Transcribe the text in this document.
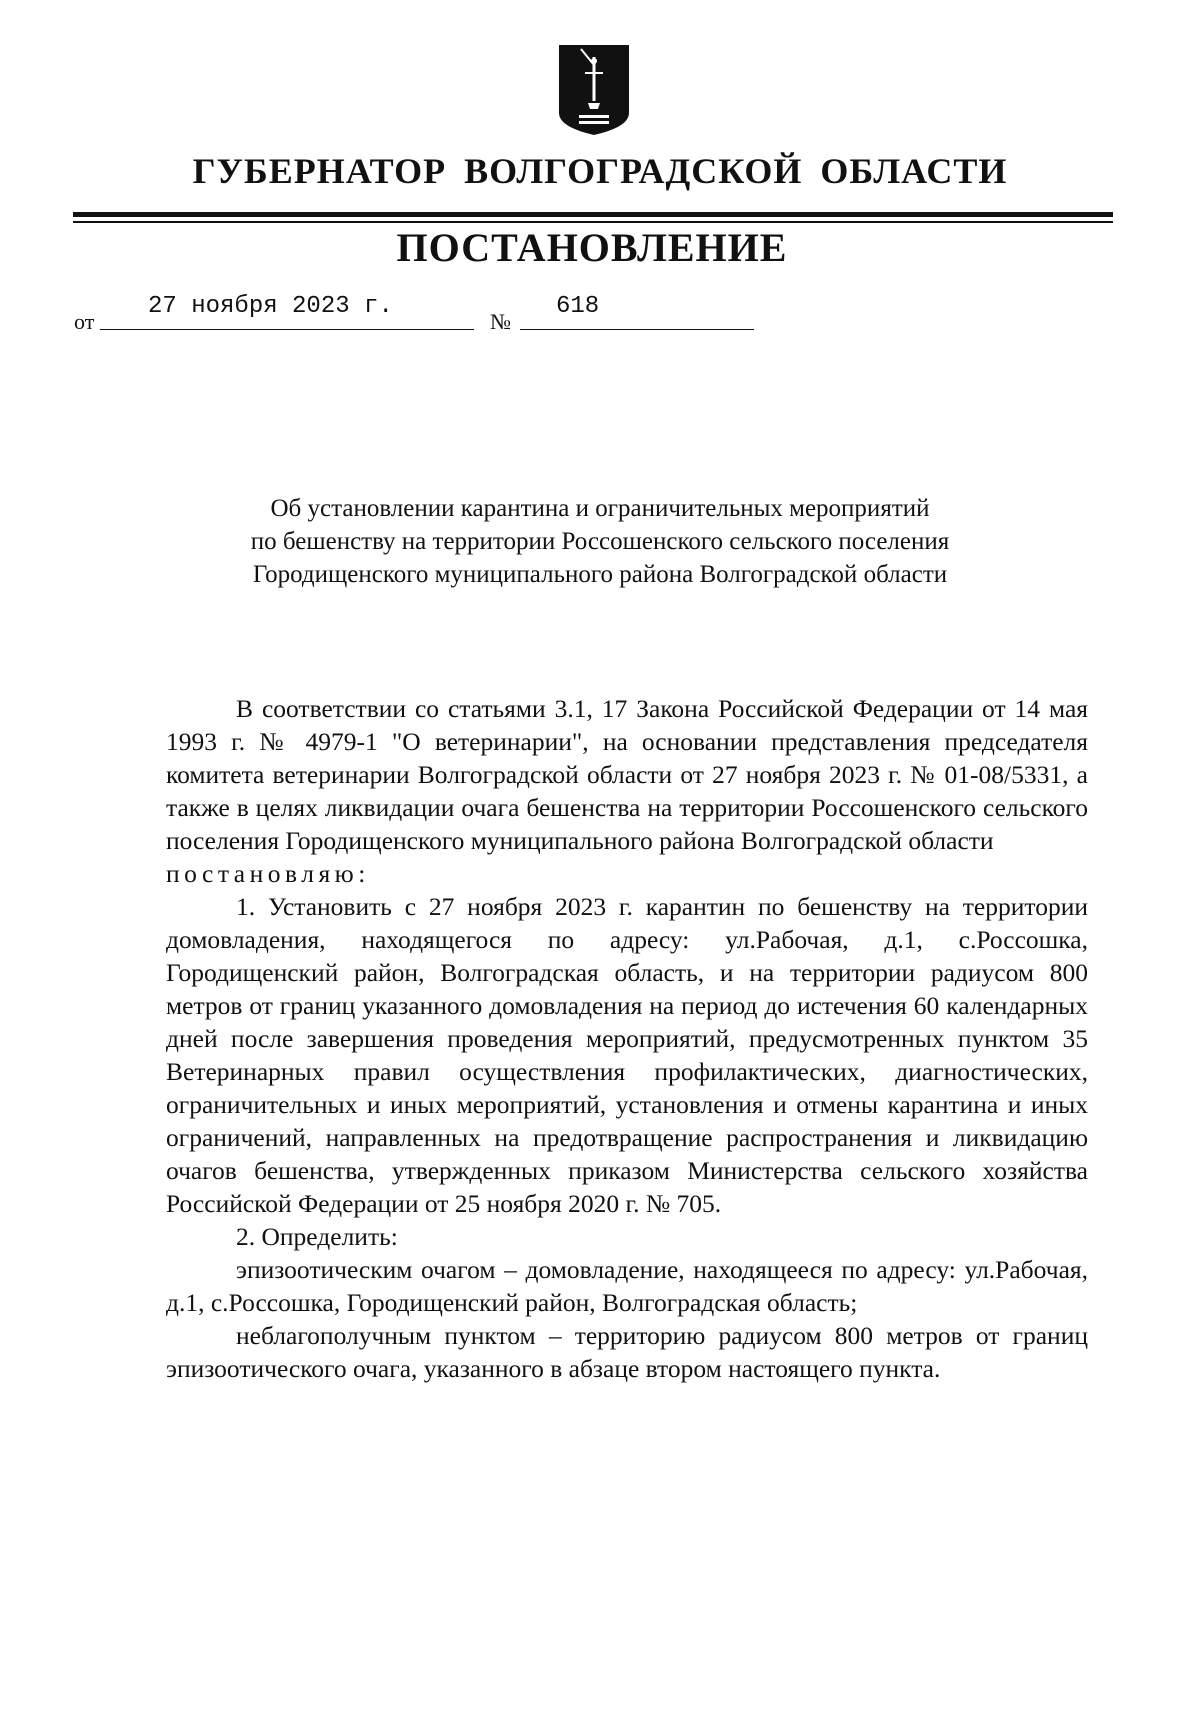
ГУБЕРНАТОР ВОЛГОГРАДСКОЙ ОБЛАСТИ
ПОСТАНОВЛЕНИЕ
от
27 ноября 2023 г.
№
618
Об установлении карантина и ограничительных мероприятий
по бешенству на территории Россошенского сельского поселения
Городищенского муниципального района Волгоградской области

В соответствии со статьями 3.1, 17 Закона Российской Федерации от 14 мая 1993 г. № 4979-1 "О ветеринарии", на основании представления председателя комитета ветеринарии Волгоградской области от 27 ноября 2023 г. № 01-08/5331, а также в целях ликвидации очага бешенства на территории Россошенского сельского поселения Городищенского муниципального района Волгоградской области

постановляю:

1. Установить с 27 ноября 2023 г. карантин по бешенству на территории домовладения, находящегося по адресу: ул.Рабочая, д.1, с.Россошка, Городищенский район, Волгоградская область, и на территории радиусом 800 метров от границ указанного домовладения на период до истечения 60 календарных дней после завершения проведения мероприятий, предусмотренных пунктом 35 Ветеринарных правил осуществления профилактических, диагностических, ограничительных и иных мероприятий, установления и отмены карантина и иных ограничений, направленных на предотвращение распространения и ликвидацию очагов бешенства, утвержденных приказом Министерства сельского хозяйства Российской Федерации от 25 ноября 2020 г. № 705.

2. Определить:

эпизоотическим очагом – домовладение, находящееся по адресу: ул.Рабочая, д.1, с.Россошка, Городищенский район, Волгоградская область;

неблагополучным пунктом – территорию радиусом 800 метров от границ эпизоотического очага, указанного в абзаце втором настоящего пункта.
